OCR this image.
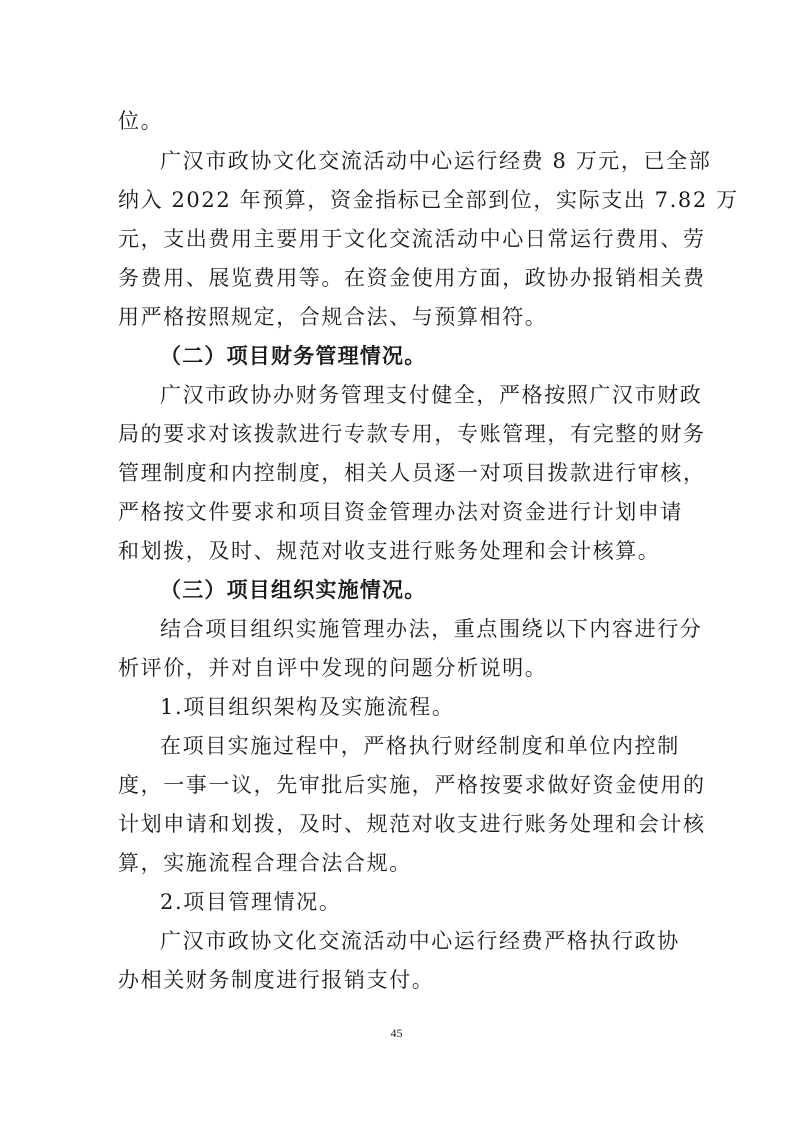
位。
广汉市政协文化交流活动中心运行经费 8 万元，已全部
纳入 2022 年预算，资金指标已全部到位，实际支出 7.82 万
元，支出费用主要用于文化交流活动中心日常运行费用、劳
务费用、展览费用等。在资金使用方面，政协办报销相关费
用严格按照规定，合规合法、与预算相符。
（二）项目财务管理情况。
广汉市政协办财务管理支付健全，严格按照广汉市财政
局的要求对该拨款进行专款专用，专账管理，有完整的财务
管理制度和内控制度，相关人员逐一对项目拨款进行审核，
严格按文件要求和项目资金管理办法对资金进行计划申请
和划拨，及时、规范对收支进行账务处理和会计核算。
（三）项目组织实施情况。
结合项目组织实施管理办法，重点围绕以下内容进行分
析评价，并对自评中发现的问题分析说明。
1.项目组织架构及实施流程。
在项目实施过程中，严格执行财经制度和单位内控制
度，一事一议，先审批后实施，严格按要求做好资金使用的
计划申请和划拨，及时、规范对收支进行账务处理和会计核
算，实施流程合理合法合规。
2.项目管理情况。
广汉市政协文化交流活动中心运行经费严格执行政协
办相关财务制度进行报销支付。
45
